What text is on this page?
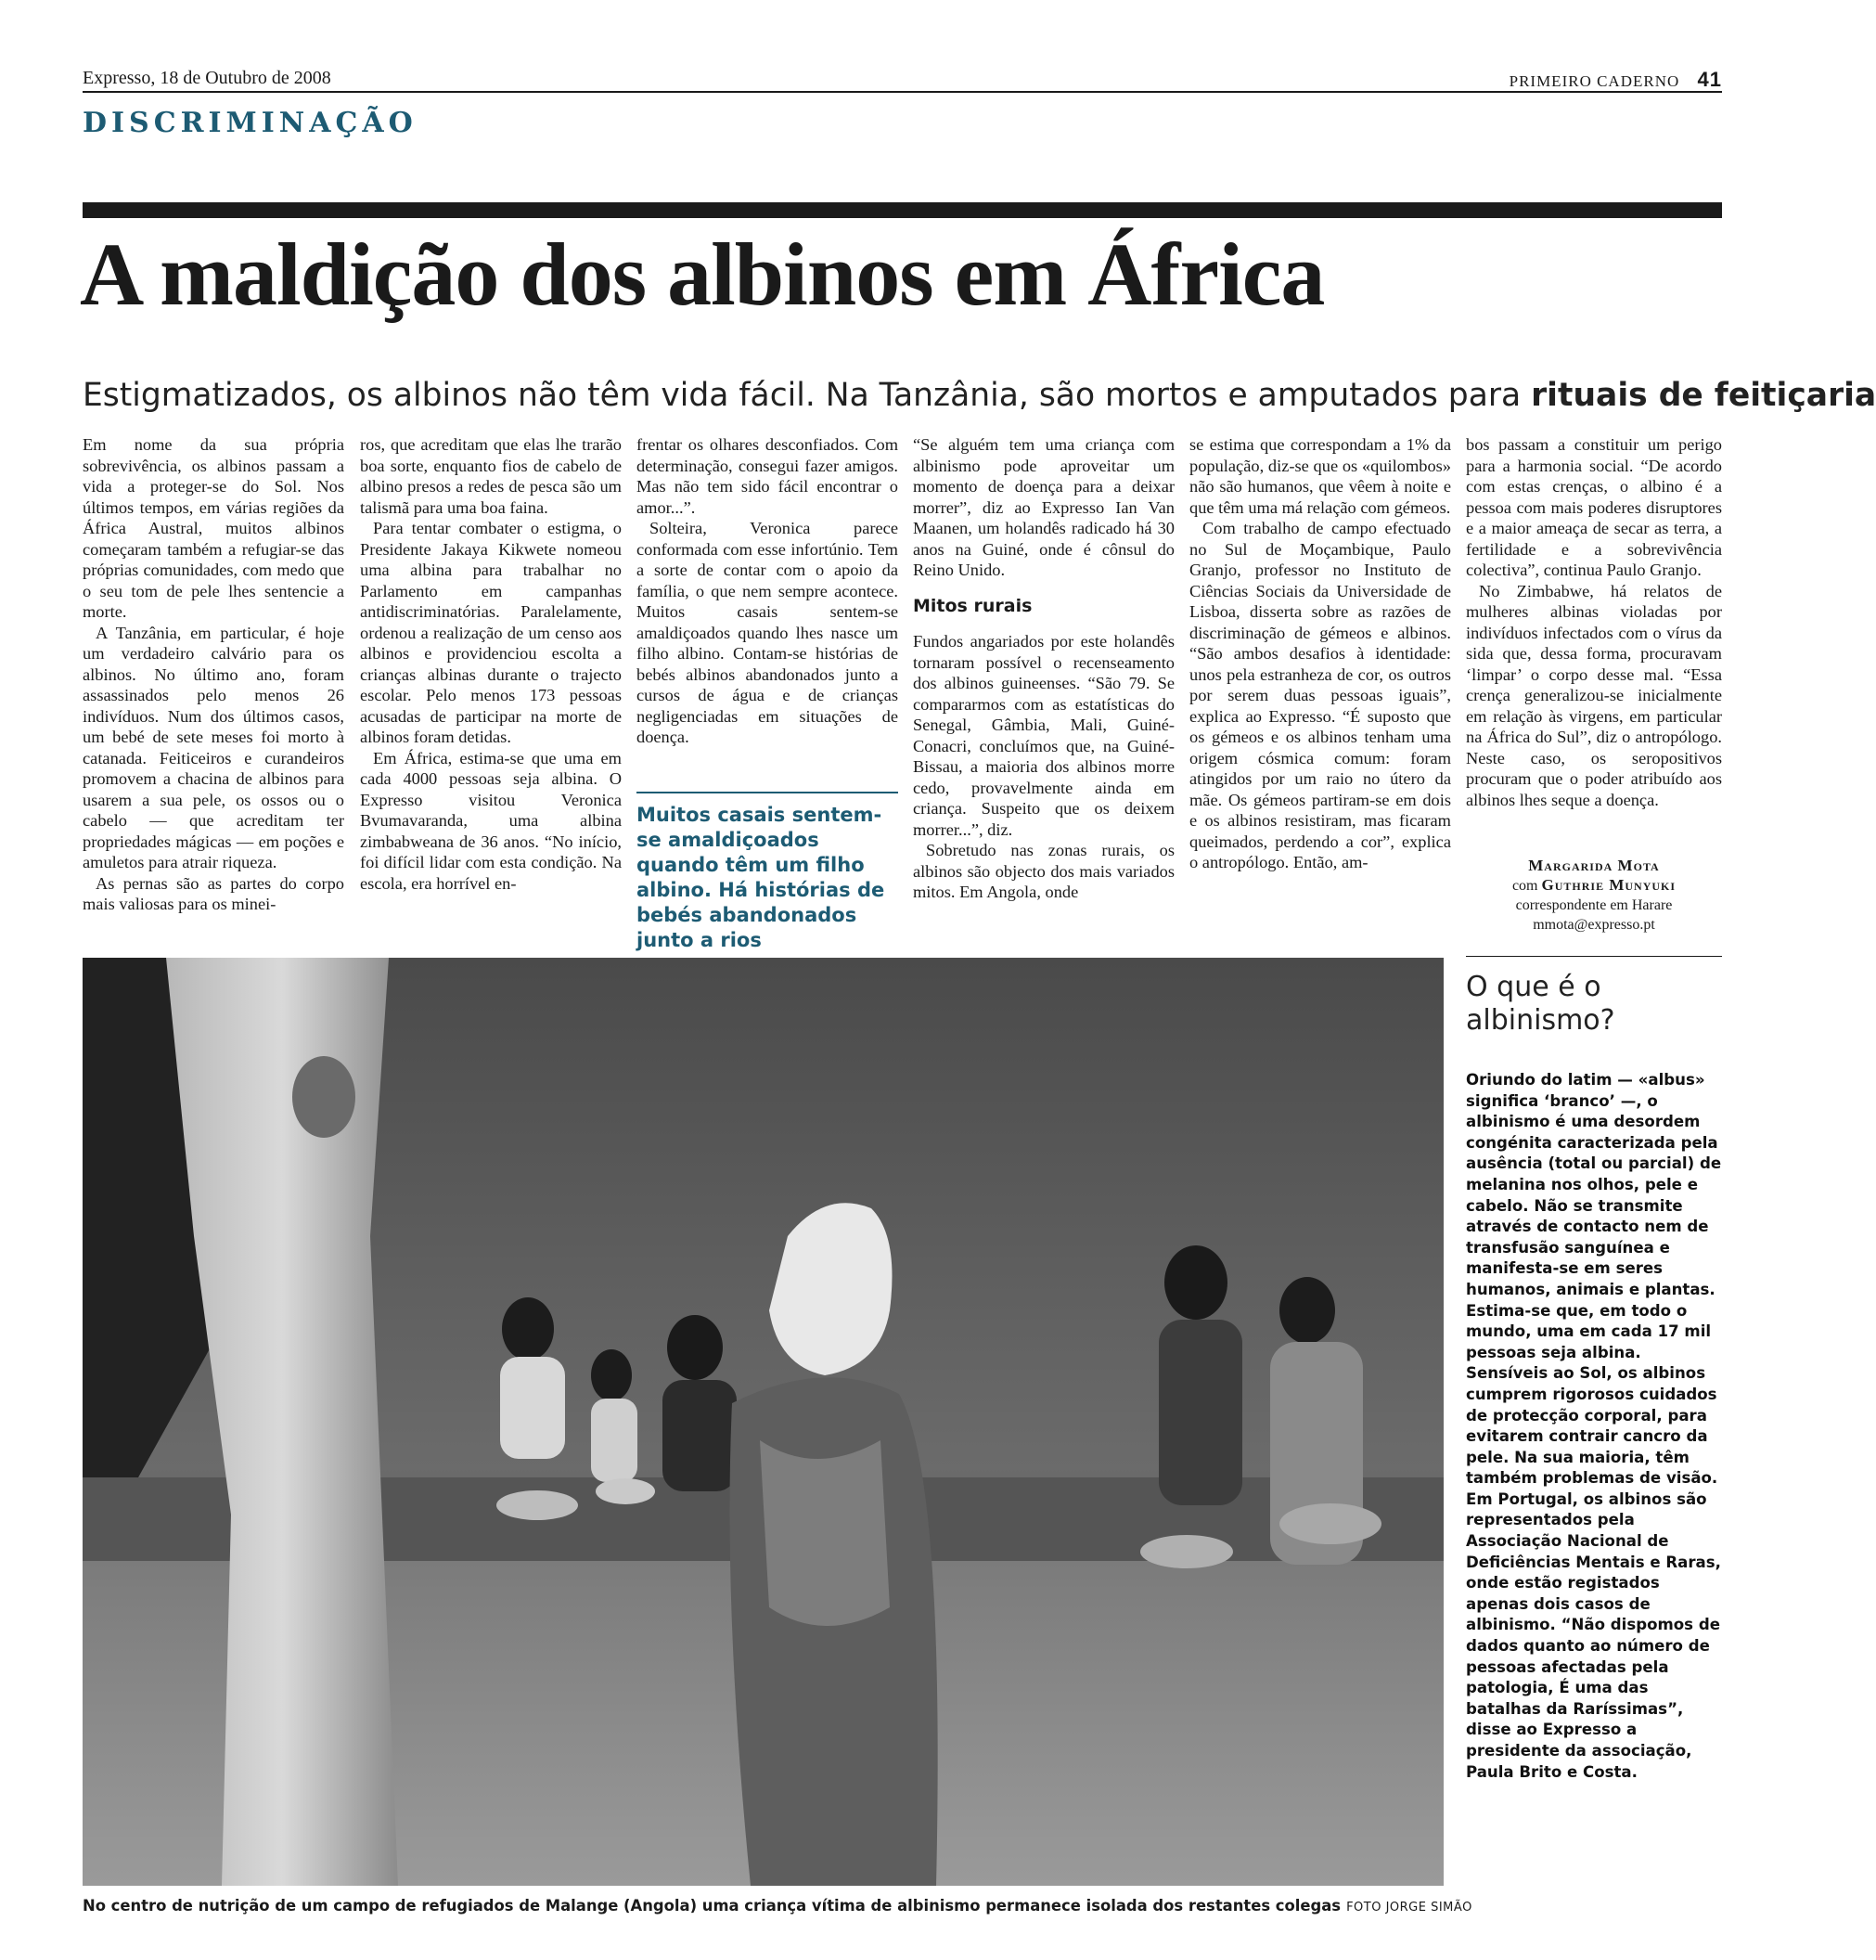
Expresso, 18 de Outubro de 2008	PRIMEIRO CADERNO 41
DISCRIMINAÇÃO
A maldição dos albinos em África
Estigmatizados, os albinos não têm vida fácil. Na Tanzânia, são mortos e amputados para rituais de feitiçaria

Em nome da sua própria sobrevivência, os albinos passam a vida a proteger-se do Sol. Nos últimos tempos, em várias regiões da África Austral, muitos albinos começaram também a refugiar-se das próprias comunidades, com medo que o seu tom de pele lhes sentencie a morte.

A Tanzânia, em particular, é hoje um verdadeiro calvário para os albinos. No último ano, foram assassinados pelo menos 26 indivíduos. Num dos últimos casos, um bebé de sete meses foi morto à catanada. Feiticeiros e curandeiros promovem a chacina de albinos para usarem a sua pele, os ossos ou o cabelo — que acreditam ter propriedades mágicas — em poções e amuletos para atrair riqueza.

As pernas são as partes do corpo mais valiosas para os minei-

ros, que acreditam que elas lhe trarão boa sorte, enquanto fios de cabelo de albino presos a redes de pesca são um talismã para uma boa faina.

Para tentar combater o estigma, o Presidente Jakaya Kikwete nomeou uma albina para trabalhar no Parlamento em campanhas antidiscriminatórias. Paralelamente, ordenou a realização de um censo aos albinos e providenciou escolta a crianças albinas durante o trajecto escolar. Pelo menos 173 pessoas acusadas de participar na morte de albinos foram detidas.

Em África, estima-se que uma em cada 4000 pessoas seja albina. O Expresso visitou Veronica Bvumavaranda, uma albina zimbabweana de 36 anos. “No início, foi difícil lidar com esta condição. Na escola, era horrível en-

frentar os olhares desconfiados. Com determinação, consegui fazer amigos. Mas não tem sido fácil encontrar o amor...”.

Solteira, Veronica parece conformada com esse infortúnio. Tem a sorte de contar com o apoio da família, o que nem sempre acontece. Muitos casais sentem-se amaldiçoados quando lhes nasce um filho albino. Contam-se histórias de bebés albinos abandonados junto a cursos de água e de crianças negligenciadas em situações de doença.

Muitos casais sentem-se amaldiçoados quando têm um filho albino. Há histórias de bebés abandonados junto a rios

“Se alguém tem uma criança com albinismo pode aproveitar um momento de doença para a deixar morrer”, diz ao Expresso Ian Van Maanen, um holandês radicado há 30 anos na Guiné, onde é cônsul do Reino Unido.

Mitos rurais

Fundos angariados por este holandês tornaram possível o recenseamento dos albinos guineenses. “São 79. Se compararmos com as estatísticas do Senegal, Gâmbia, Mali, Guiné-Conacri, concluímos que, na Guiné-Bissau, a maioria dos albinos morre cedo, provavelmente ainda em criança. Suspeito que os deixem morrer...”, diz.

Sobretudo nas zonas rurais, os albinos são objecto dos mais variados mitos. Em Angola, onde

se estima que correspondam a 1% da população, diz-se que os «quilombos» não são humanos, que vêem à noite e que têm uma má relação com gémeos.

Com trabalho de campo efectuado no Sul de Moçambique, Paulo Granjo, professor no Instituto de Ciências Sociais da Universidade de Lisboa, disserta sobre as razões de discriminação de gémeos e albinos. “São ambos desafios à identidade: unos pela estranheza de cor, os outros por serem duas pessoas iguais”, explica ao Expresso. “É suposto que os gémeos e os albinos tenham uma origem cósmica comum: foram atingidos por um raio no útero da mãe. Os gémeos partiram-se em dois e os albinos resistiram, mas ficaram queimados, perdendo a cor”, explica o antropólogo. Então, am-

bos passam a constituir um perigo para a harmonia social. “De acordo com estas crenças, o albino é a pessoa com mais poderes disruptores e a maior ameaça de secar as terra, a fertilidade e a sobrevivência colectiva”, continua Paulo Granjo.

No Zimbabwe, há relatos de mulheres albinas violadas por indivíduos infectados com o vírus da sida que, dessa forma, procuravam ‘limpar’ o corpo desse mal. “Essa crença generalizou-se inicialmente em relação às virgens, em particular na África do Sul”, diz o antropólogo. Neste caso, os seropositivos procuram que o poder atribuído aos albinos lhes seque a doença.

Margarida Mota
com Guthrie Munyuki
correspondente em Harare
mmota@expresso.pt
O que é o albinismo?
Oriundo do latim — «albus» significa ‘branco’ —, o albinismo é uma desordem congénita caracterizada pela ausência (total ou parcial) de melanina nos olhos, pele e cabelo. Não se transmite através de contacto nem de transfusão sanguínea e manifesta-se em seres humanos, animais e plantas. Estima-se que, em todo o mundo, uma em cada 17 mil pessoas seja albina. Sensíveis ao Sol, os albinos cumprem rigorosos cuidados de protecção corporal, para evitarem contrair cancro da pele. Na sua maioria, têm também problemas de visão. Em Portugal, os albinos são representados pela Associação Nacional de Deficiências Mentais e Raras, onde estão registados apenas dois casos de albinismo. “Não dispomos de dados quanto ao número de pessoas afectadas pela patologia, É uma das batalhas da Raríssimas”, disse ao Expresso a presidente da associação, Paula Brito e Costa.
No centro de nutrição de um campo de refugiados de Malange (Angola) uma criança vítima de albinismo permanece isolada dos restantes colegas FOTO JORGE SIMÃO
